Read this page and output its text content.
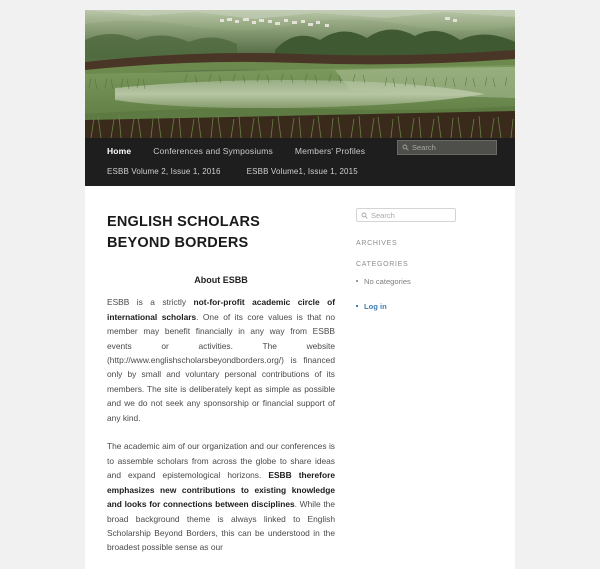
Home	Conferences and Symposiums	Members' Profiles
Search
ESBB Volume 2, Issue 1, 2016	ESBB Volume1, Issue 1, 2015
ENGLISH SCHOLARS BEYOND BORDERS
About ESBB

ESBB is a strictly not-for-profit academic circle of international scholars. One of its core values is that no member may benefit financially in any way from ESBB events or activities. The website (http://www.englishscholarsbeyondborders.org/) is financed only by small and voluntary personal contributions of its members. The site is deliberately kept as simple as possible and we do not seek any sponsorship or financial support of any kind.

The academic aim of our organization and our conferences is to assemble scholars from across the globe to share ideas and expand epistemological horizons. ESBB therefore emphasizes new contributions to existing knowledge and looks for connections between disciplines. While the broad background theme is always linked to English Scholarship Beyond Borders, this can be understood in the broadest possible sense as our

Search
ARCHIVES
CATEGORIES
No categories
Log in
